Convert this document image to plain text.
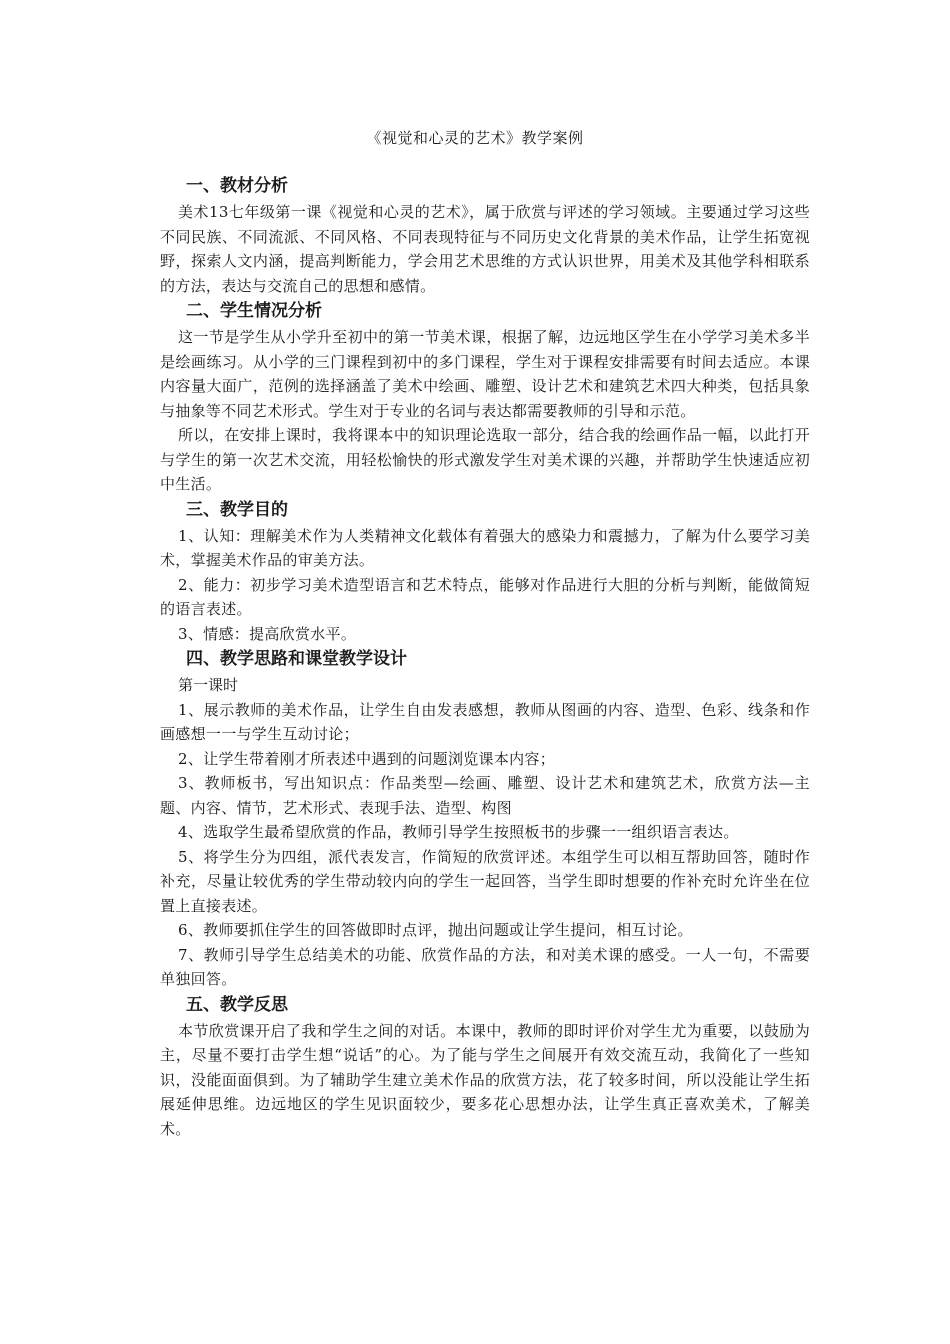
《视觉和心灵的艺术》教学案例
一、教材分析

美术13七年级第一课《视觉和心灵的艺术》，属于欣赏与评述的学习领域。主要通过学习这些不同民族、不同流派、不同风格、不同表现特征与不同历史文化背景的美术作品，让学生拓宽视野，探索人文内涵，提高判断能力，学会用艺术思维的方式认识世界，用美术及其他学科相联系的方法，表达与交流自己的思想和感情。

二、学生情况分析

这一节是学生从小学升至初中的第一节美术课，根据了解，边远地区学生在小学学习美术多半是绘画练习。从小学的三门课程到初中的多门课程，学生对于课程安排需要有时间去适应。本课内容量大面广，范例的选择涵盖了美术中绘画、雕塑、设计艺术和建筑艺术四大种类，包括具象与抽象等不同艺术形式。学生对于专业的名词与表达都需要教师的引导和示范。

所以，在安排上课时，我将课本中的知识理论选取一部分，结合我的绘画作品一幅，以此打开与学生的第一次艺术交流，用轻松愉快的形式激发学生对美术课的兴趣，并帮助学生快速适应初中生活。

三、教学目的

1、认知：理解美术作为人类精神文化载体有着强大的感染力和震撼力，了解为什么要学习美术，掌握美术作品的审美方法。

2、能力：初步学习美术造型语言和艺术特点，能够对作品进行大胆的分析与判断，能做简短的语言表述。

3、情感：提高欣赏水平。

四、教学思路和课堂教学设计

第一课时

1、展示教师的美术作品，让学生自由发表感想，教师从图画的内容、造型、色彩、线条和作画感想一一与学生互动讨论；

2、让学生带着刚才所表述中遇到的问题浏览课本内容；

3、教师板书，写出知识点：作品类型—绘画、雕塑、设计艺术和建筑艺术，欣赏方法—主题、内容、情节，艺术形式、表现手法、造型、构图

4、选取学生最希望欣赏的作品，教师引导学生按照板书的步骤一一组织语言表达。

5、将学生分为四组，派代表发言，作简短的欣赏评述。本组学生可以相互帮助回答，随时作补充，尽量让较优秀的学生带动较内向的学生一起回答，当学生即时想要的作补充时允许坐在位置上直接表述。

6、教师要抓住学生的回答做即时点评，抛出问题或让学生提问，相互讨论。

7、教师引导学生总结美术的功能、欣赏作品的方法，和对美术课的感受。一人一句，不需要单独回答。

五、教学反思

本节欣赏课开启了我和学生之间的对话。本课中，教师的即时评价对学生尤为重要，以鼓励为主，尽量不要打击学生想“说话”的心。为了能与学生之间展开有效交流互动，我简化了一些知识，没能面面俱到。为了辅助学生建立美术作品的欣赏方法，花了较多时间，所以没能让学生拓展延伸思维。边远地区的学生见识面较少，要多花心思想办法，让学生真正喜欢美术，了解美术。
